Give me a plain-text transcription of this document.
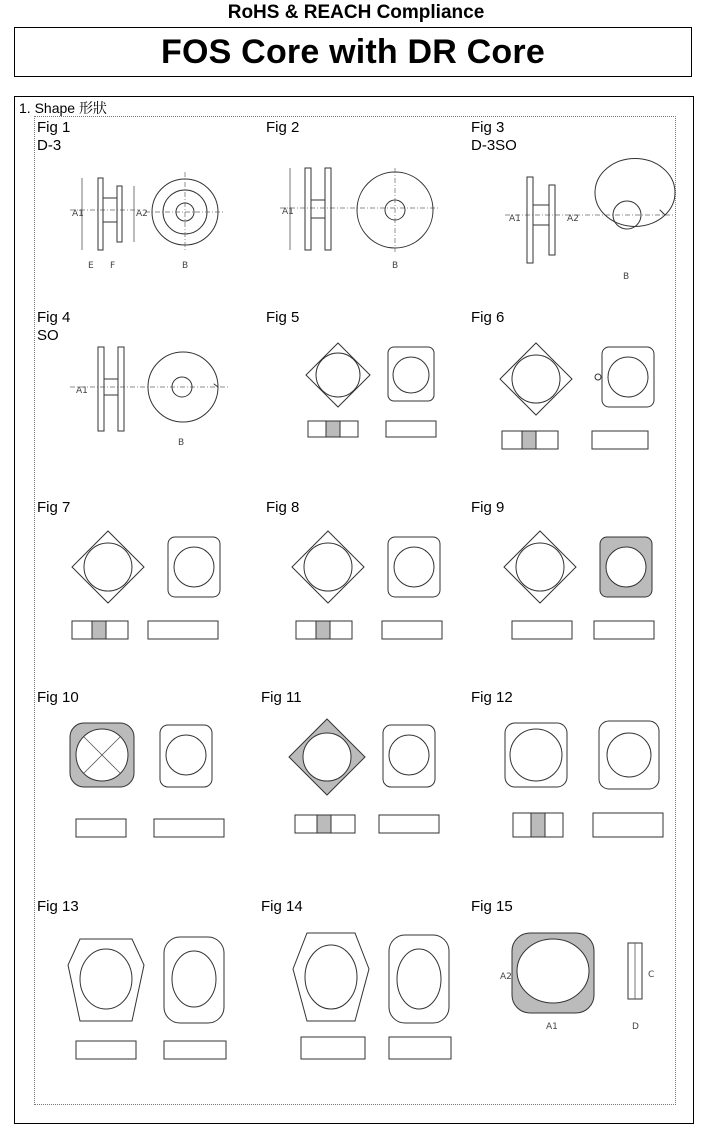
RoHS & REACH Compliance
FOS Core with DR Core
1. Shape 形狀
Fig 1
D-3
Fig 2	Fig 3
D-3SO
Fig 4
SO
Fig 5	Fig 6
Fig 7	Fig 8	Fig 9
Fig 10	Fig 11	Fig 12
Fig 13	Fig 14	Fig 15
A1	A2
B
E F
A1
B
A1	A2
B
A1
B
A2
A1
C
D
